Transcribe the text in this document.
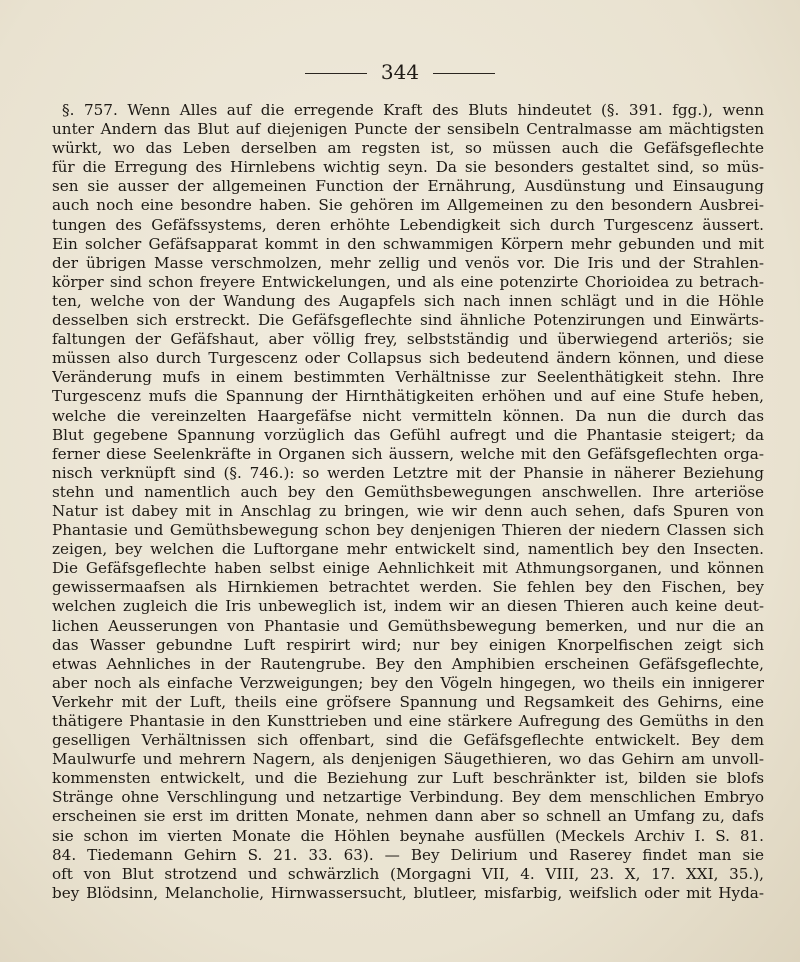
344
§. 757. Wenn Alles auf die erregende Kraft des Bluts hindeutet (§. 391. fgg.), wenn
unter Andern das Blut auf diejenigen Puncte der sensibeln Centralmasse am mächtigsten
würkt, wo das Leben derselben am regsten ist, so müssen auch die Gefäfsgeflechte
für die Erregung des Hirnlebens wichtig seyn. Da sie besonders gestaltet sind, so müs-
sen sie ausser der allgemeinen Function der Ernährung, Ausdünstung und Einsaugung
auch noch eine besondre haben. Sie gehören im Allgemeinen zu den besondern Ausbrei-
tungen des Gefäfssystems, deren erhöhte Lebendigkeit sich durch Turgescenz äussert.
Ein solcher Gefäfsapparat kommt in den schwammigen Körpern mehr gebunden und mit
der übrigen Masse verschmolzen, mehr zellig und venös vor. Die Iris und der Strahlen-
körper sind schon freyere Entwickelungen, und als eine potenzirte Chorioidea zu betrach-
ten, welche von der Wandung des Augapfels sich nach innen schlägt und in die Höhle
desselben sich erstreckt. Die Gefäfsgeflechte sind ähnliche Potenzirungen und Einwärts-
faltungen der Gefäfshaut, aber völlig frey, selbstständig und überwiegend arteriös; sie
müssen also durch Turgescenz oder Collapsus sich bedeutend ändern können, und diese
Veränderung mufs in einem bestimmten Verhältnisse zur Seelenthätigkeit stehn. Ihre
Turgescenz mufs die Spannung der Hirnthätigkeiten erhöhen und auf eine Stufe heben,
welche die vereinzelten Haargefäfse nicht vermitteln können. Da nun die durch das
Blut gegebene Spannung vorzüglich das Gefühl aufregt und die Phantasie steigert; da
ferner diese Seelenkräfte in Organen sich äussern, welche mit den Gefäfsgeflechten orga-
nisch verknüpft sind (§. 746.): so werden Letztre mit der Phansie in näherer Beziehung
stehn und namentlich auch bey den Gemüthsbewegungen anschwellen. Ihre arteriöse
Natur ist dabey mit in Anschlag zu bringen, wie wir denn auch sehen, dafs Spuren von
Phantasie und Gemüthsbewegung schon bey denjenigen Thieren der niedern Classen sich
zeigen, bey welchen die Luftorgane mehr entwickelt sind, namentlich bey den Insecten.
Die Gefäfsgeflechte haben selbst einige Aehnlichkeit mit Athmungsorganen, und können
gewissermaafsen als Hirnkiemen betrachtet werden. Sie fehlen bey den Fischen, bey
welchen zugleich die Iris unbeweglich ist, indem wir an diesen Thieren auch keine deut-
lichen Aeusserungen von Phantasie und Gemüthsbewegung bemerken, und nur die an
das Wasser gebundne Luft respirirt wird; nur bey einigen Knorpelfischen zeigt sich
etwas Aehnliches in der Rautengrube. Bey den Amphibien erscheinen Gefäfsgeflechte,
aber noch als einfache Verzweigungen; bey den Vögeln hingegen, wo theils ein innigerer
Verkehr mit der Luft, theils eine gröfsere Spannung und Regsamkeit des Gehirns, eine
thätigere Phantasie in den Kunsttrieben und eine stärkere Aufregung des Gemüths in den
geselligen Verhältnissen sich offenbart, sind die Gefäfsgeflechte entwickelt. Bey dem
Maulwurfe und mehrern Nagern, als denjenigen Säugethieren, wo das Gehirn am unvoll-
kommensten entwickelt, und die Beziehung zur Luft beschränkter ist, bilden sie blofs
Stränge ohne Verschlingung und netzartige Verbindung. Bey dem menschlichen Embryo
erscheinen sie erst im dritten Monate, nehmen dann aber so schnell an Umfang zu, dafs
sie schon im vierten Monate die Höhlen beynahe ausfüllen (Meckels Archiv I. S. 81.
84. Tiedemann Gehirn S. 21. 33. 63). — Bey Delirium und Raserey findet man sie
oft von Blut strotzend und schwärzlich (Morgagni VII, 4. VIII, 23. X, 17. XXI, 35.),
bey Blödsinn, Melancholie, Hirnwassersucht, blutleer, misfarbig, weifslich oder mit Hyda-
